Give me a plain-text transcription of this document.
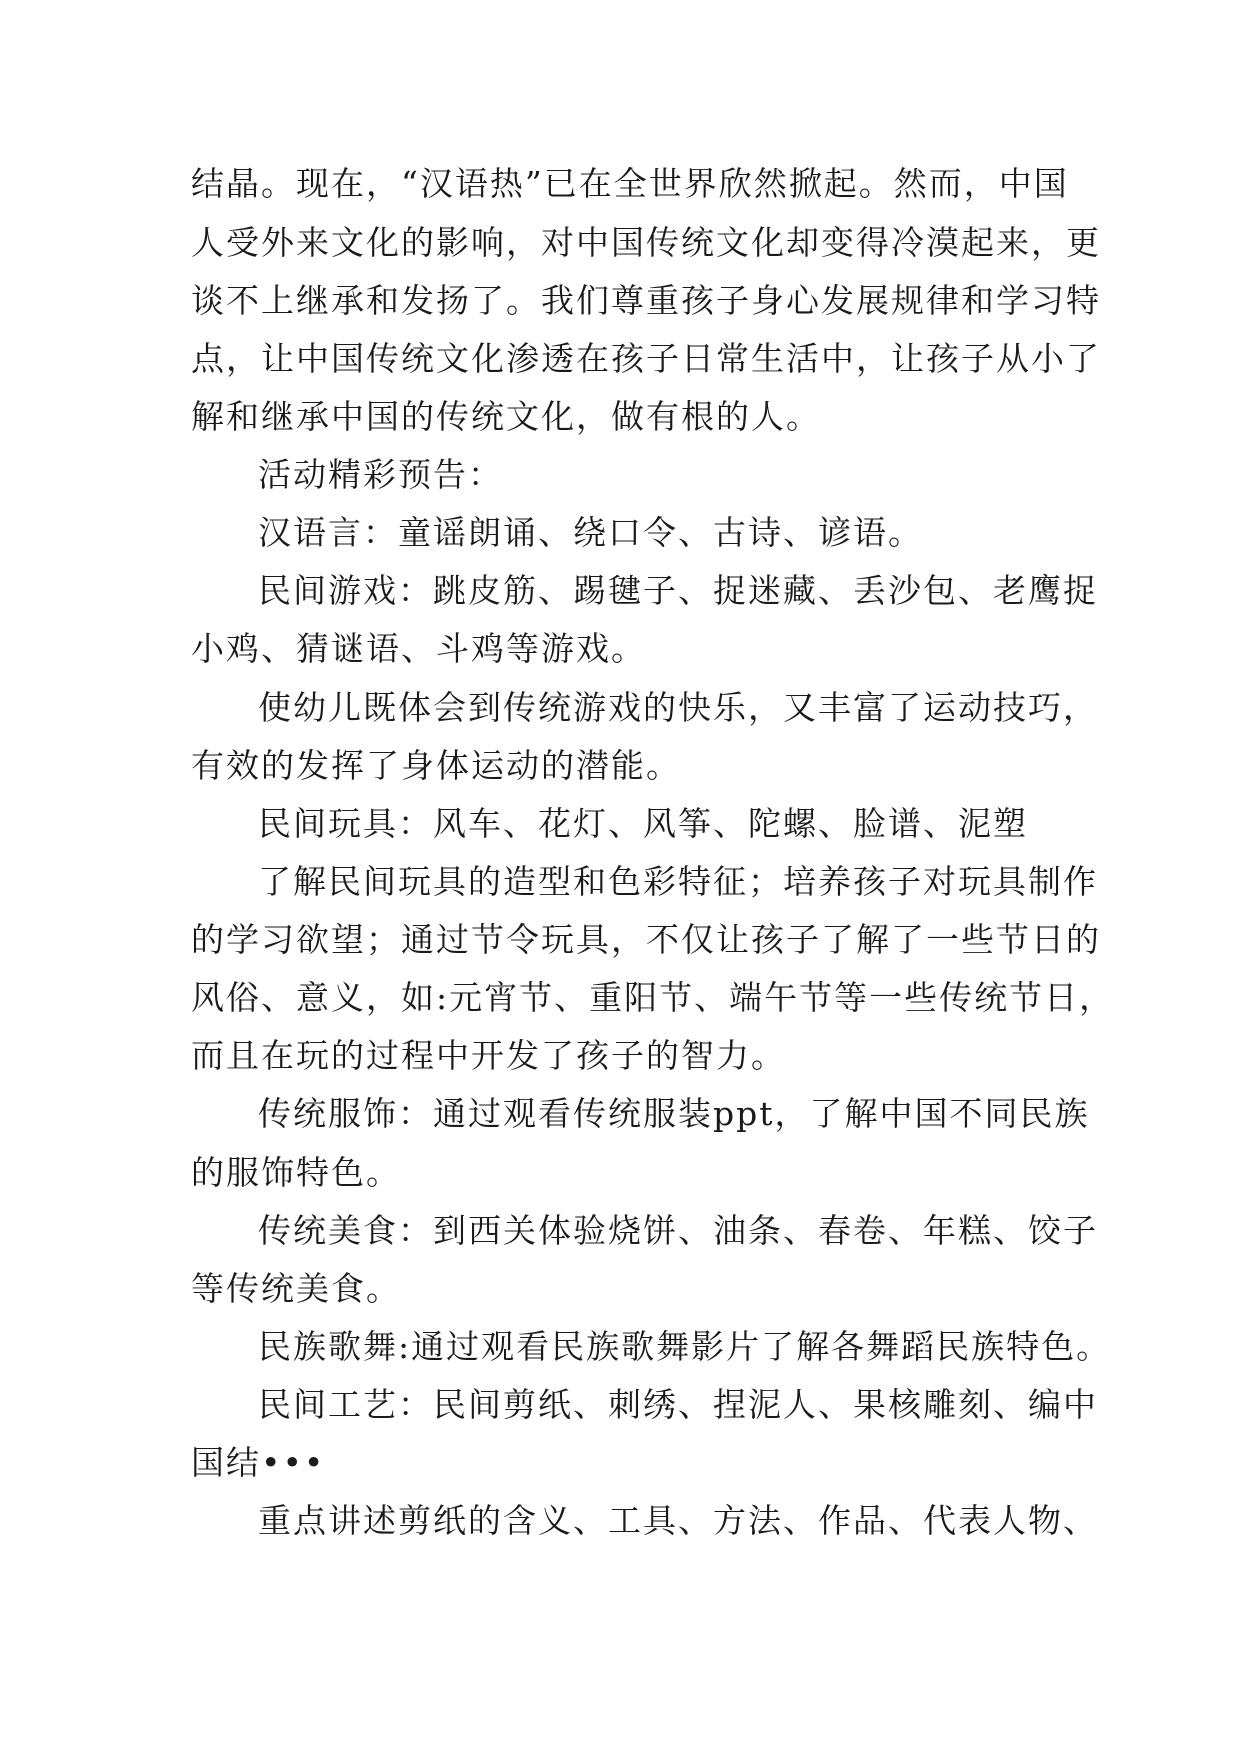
结晶。现在，“汉语热”已在全世界欣然掀起。然而，中国
人受外来文化的影响，对中国传统文化却变得冷漠起来，更
谈不上继承和发扬了。我们尊重孩子身心发展规律和学习特
点，让中国传统文化渗透在孩子日常生活中，让孩子从小了
解和继承中国的传统文化，做有根的人。
活动精彩预告：
汉语言：童谣朗诵、绕口令、古诗、谚语。
民间游戏：跳皮筋、踢毽子、捉迷藏、丢沙包、老鹰捉
小鸡、猜谜语、斗鸡等游戏。
使幼儿既体会到传统游戏的快乐，又丰富了运动技巧，
有效的发挥了身体运动的潜能。
民间玩具：风车、花灯、风筝、陀螺、脸谱、泥塑
了解民间玩具的造型和色彩特征；培养孩子对玩具制作
的学习欲望；通过节令玩具，不仅让孩子了解了一些节日的
风俗、意义，如:元宵节、重阳节、端午节等一些传统节日，
而且在玩的过程中开发了孩子的智力。
传统服饰：通过观看传统服装ppt，了解中国不同民族
的服饰特色。
传统美食：到西关体验烧饼、油条、春卷、年糕、饺子
等传统美食。
民族歌舞:通过观看民族歌舞影片了解各舞蹈民族特色。
民间工艺：民间剪纸、刺绣、捏泥人、果核雕刻、编中
国结•••
重点讲述剪纸的含义、工具、方法、作品、代表人物、
